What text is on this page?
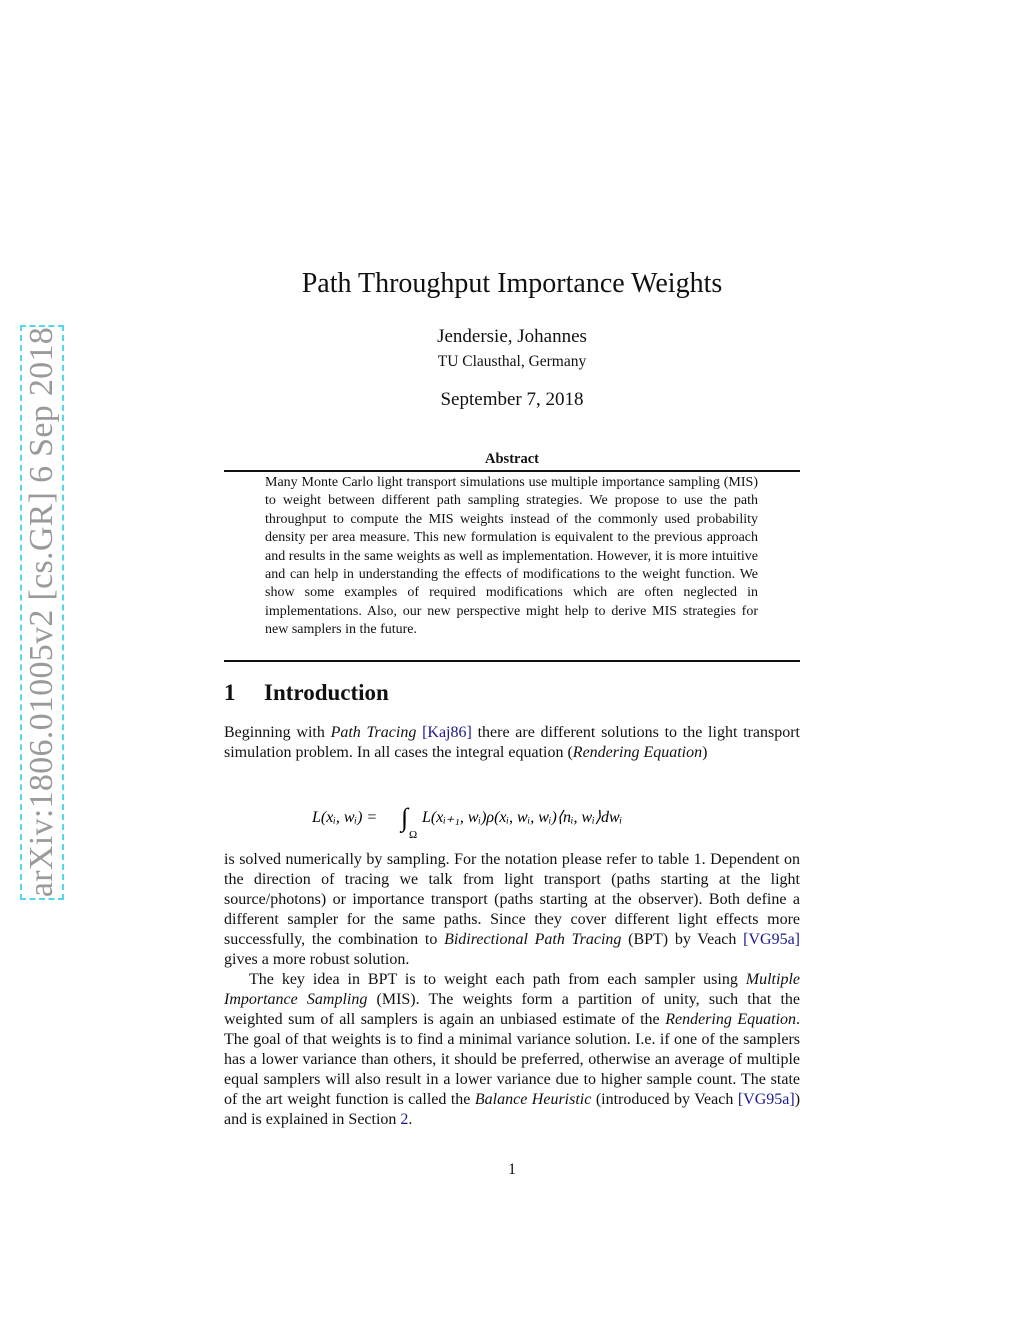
arXiv:1806.01005v2 [cs.GR] 6 Sep 2018
Path Throughput Importance Weights
Jendersie, Johannes
TU Clausthal, Germany
September 7, 2018
Abstract
Many Monte Carlo light transport simulations use multiple importance sampling (MIS) to weight between different path sampling strategies. We propose to use the path throughput to compute the MIS weights instead of the commonly used probability density per area measure. This new formulation is equivalent to the previous approach and results in the same weights as well as implementation. However, it is more intuitive and can help in understanding the effects of modifications to the weight function. We show some examples of required modifications which are often neglected in implementations. Also, our new perspective might help to derive MIS strategies for new samplers in the future.
1 Introduction
Beginning with Path Tracing [Kaj86] there are different solutions to the light transport simulation problem. In all cases the integral equation (Rendering Equation)
L(xᵢ, wᵢ) = ∫
Ω
L(xᵢ₊₁, wᵢ)ρ(xᵢ, wᵢ, wᵢ)⟨nᵢ, wᵢ⟩dwᵢ
is solved numerically by sampling. For the notation please refer to table 1. Dependent on the direction of tracing we talk from light transport (paths starting at the light source/photons) or importance transport (paths starting at the observer). Both define a different sampler for the same paths. Since they cover different light effects more successfully, the combination to Bidirectional Path Tracing (BPT) by Veach [VG95a] gives a more robust solution.
The key idea in BPT is to weight each path from each sampler using Multiple Importance Sampling (MIS). The weights form a partition of unity, such that the weighted sum of all samplers is again an unbiased estimate of the Rendering Equation. The goal of that weights is to find a minimal variance solution. I.e. if one of the samplers has a lower variance than others, it should be preferred, otherwise an average of multiple equal samplers will also result in a lower variance due to higher sample count. The state of the art weight function is called the Balance Heuristic (introduced by Veach [VG95a]) and is explained in Section 2.
1
